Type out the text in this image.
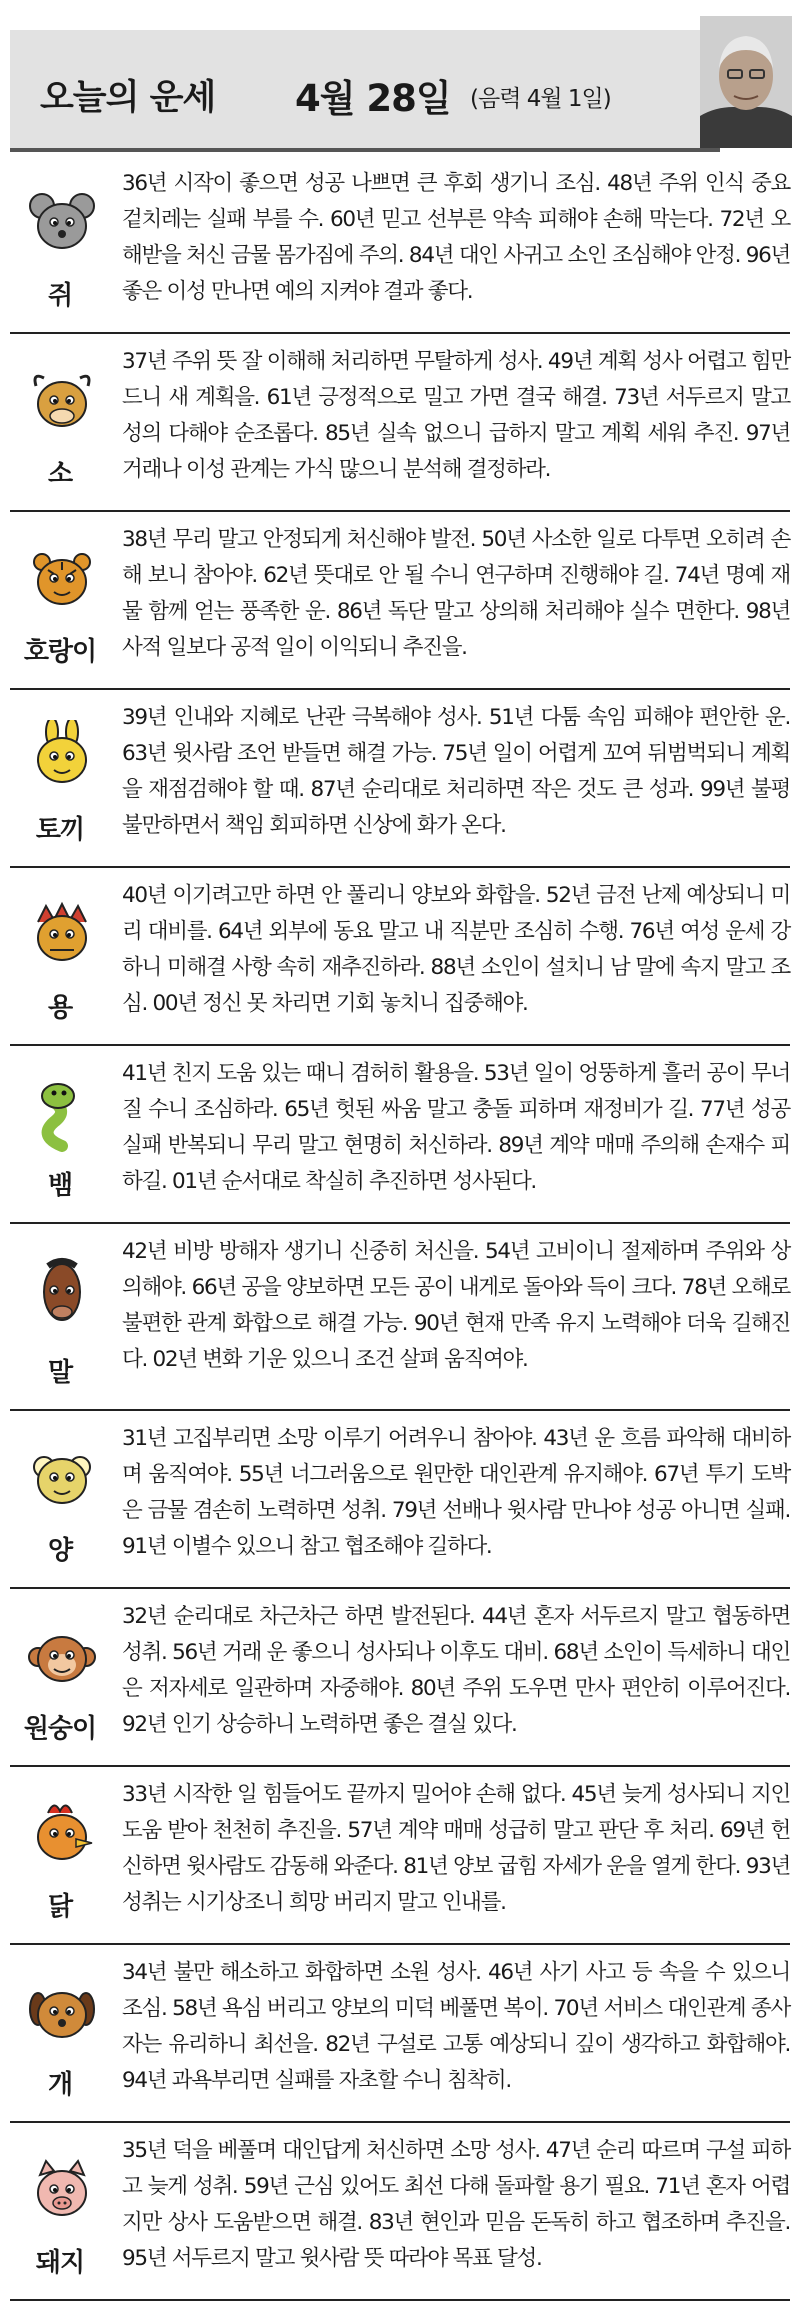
오늘의 운세 4월 28일 (음력 4월 1일)
쥐
36년 시작이 좋으면 성공 나쁘면 큰 후회 생기니 조심. 48년 주위 인식 중요 겉치레는 실패 부를 수. 60년 믿고 선부른 약속 피해야 손해 막는다. 72년 오해받을 처신 금물 몸가짐에 주의. 84년 대인 사귀고 소인 조심해야 안정. 96년 좋은 이성 만나면 예의 지켜야 결과 좋다.
소
37년 주위 뜻 잘 이해해 처리하면 무탈하게 성사. 49년 계획 성사 어렵고 힘만 드니 새 계획을. 61년 긍정적으로 밀고 가면 결국 해결. 73년 서두르지 말고 성의 다해야 순조롭다. 85년 실속 없으니 급하지 말고 계획 세워 추진. 97년 거래나 이성 관계는 가식 많으니 분석해 결정하라.
호랑이
38년 무리 말고 안정되게 처신해야 발전. 50년 사소한 일로 다투면 오히려 손해 보니 참아야. 62년 뜻대로 안 될 수니 연구하며 진행해야 길. 74년 명예 재물 함께 얻는 풍족한 운. 86년 독단 말고 상의해 처리해야 실수 면한다. 98년 사적 일보다 공적 일이 이익되니 추진을.
토끼
39년 인내와 지혜로 난관 극복해야 성사. 51년 다툼 속임 피해야 편안한 운. 63년 윗사람 조언 받들면 해결 가능. 75년 일이 어렵게 꼬여 뒤범벅되니 계획을 재점검해야 할 때. 87년 순리대로 처리하면 작은 것도 큰 성과. 99년 불평 불만하면서 책임 회피하면 신상에 화가 온다.
용
40년 이기려고만 하면 안 풀리니 양보와 화합을. 52년 금전 난제 예상되니 미리 대비를. 64년 외부에 동요 말고 내 직분만 조심히 수행. 76년 여성 운세 강하니 미해결 사항 속히 재추진하라. 88년 소인이 설치니 남 말에 속지 말고 조심. 00년 정신 못 차리면 기회 놓치니 집중해야.
뱀
41년 친지 도움 있는 때니 겸허히 활용을. 53년 일이 엉뚱하게 흘러 공이 무너질 수니 조심하라. 65년 헛된 싸움 말고 충돌 피하며 재정비가 길. 77년 성공 실패 반복되니 무리 말고 현명히 처신하라. 89년 계약 매매 주의해 손재수 피하길. 01년 순서대로 착실히 추진하면 성사된다.
말
42년 비방 방해자 생기니 신중히 처신을. 54년 고비이니 절제하며 주위와 상의해야. 66년 공을 양보하면 모든 공이 내게로 돌아와 득이 크다. 78년 오해로 불편한 관계 화합으로 해결 가능. 90년 현재 만족 유지 노력해야 더욱 길해진다. 02년 변화 기운 있으니 조건 살펴 움직여야.
양
31년 고집부리면 소망 이루기 어려우니 참아야. 43년 운 흐름 파악해 대비하며 움직여야. 55년 너그러움으로 원만한 대인관계 유지해야. 67년 투기 도박은 금물 겸손히 노력하면 성취. 79년 선배나 윗사람 만나야 성공 아니면 실패. 91년 이별수 있으니 참고 협조해야 길하다.
원숭이
32년 순리대로 차근차근 하면 발전된다. 44년 혼자 서두르지 말고 협동하면 성취. 56년 거래 운 좋으니 성사되나 이후도 대비. 68년 소인이 득세하니 대인은 저자세로 일관하며 자중해야. 80년 주위 도우면 만사 편안히 이루어진다. 92년 인기 상승하니 노력하면 좋은 결실 있다.
닭
33년 시작한 일 힘들어도 끝까지 밀어야 손해 없다. 45년 늦게 성사되니 지인 도움 받아 천천히 추진을. 57년 계약 매매 성급히 말고 판단 후 처리. 69년 헌신하면 윗사람도 감동해 와준다. 81년 양보 굽힘 자세가 운을 열게 한다. 93년 성취는 시기상조니 희망 버리지 말고 인내를.
개
34년 불만 해소하고 화합하면 소원 성사. 46년 사기 사고 등 속을 수 있으니 조심. 58년 욕심 버리고 양보의 미덕 베풀면 복이. 70년 서비스 대인관계 종사자는 유리하니 최선을. 82년 구설로 고통 예상되니 깊이 생각하고 화합해야. 94년 과욕부리면 실패를 자초할 수니 침착히.
돼지
35년 덕을 베풀며 대인답게 처신하면 소망 성사. 47년 순리 따르며 구설 피하고 늦게 성취. 59년 근심 있어도 최선 다해 돌파할 용기 필요. 71년 혼자 어렵지만 상사 도움받으면 해결. 83년 현인과 믿음 돈독히 하고 협조하며 추진을. 95년 서두르지 말고 윗사람 뜻 따라야 목표 달성.
